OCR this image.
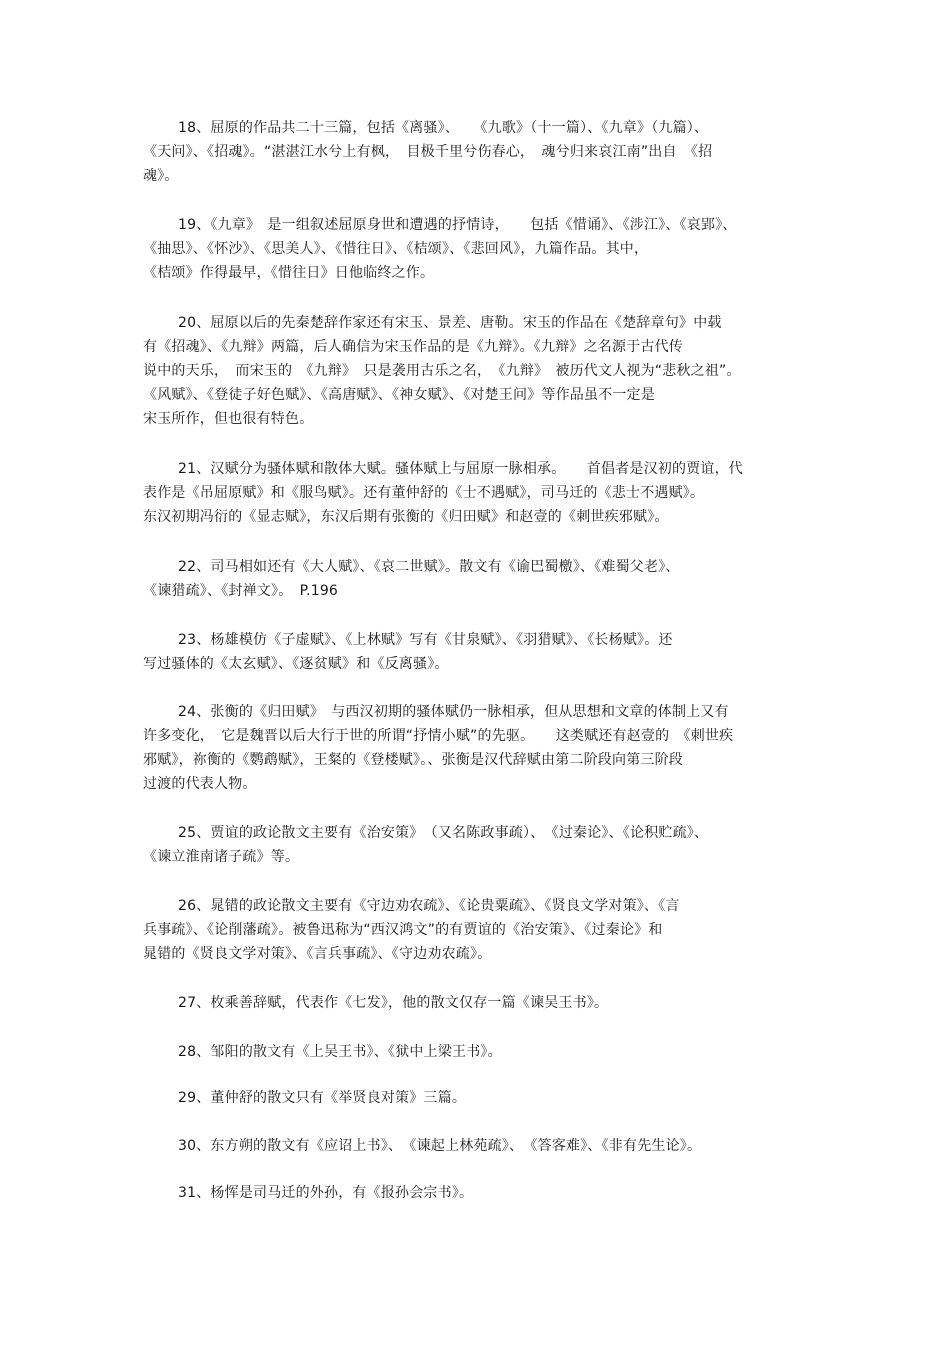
18、屈原的作品共二十三篇，包括《离骚》、　　《九歌》（十一篇）、《九章》（九篇）、
《天问》、《招魂》。“湛湛江水兮上有枫，　目极千里兮伤春心，　魂兮归来哀江南”出自　《招
魂》。
19、《九章》　是一组叙述屈原身世和遭遇的抒情诗，　　包括《惜诵》、《涉江》、《哀郢》、
《抽思》、《怀沙》、《思美人》、《惜往日》、《桔颂》、《悲回风》，九篇作品。其中，
《桔颂》作得最早，《惜往日》日他临终之作。
20、屈原以后的先秦楚辞作家还有宋玉、景差、唐勒。宋玉的作品在《楚辞章句》中载
有《招魂》、《九辩》两篇，后人确信为宋玉作品的是《九辩》。《九辩》之名源于古代传
说中的天乐，　而宋玉的　《九辩》　只是袭用古乐之名，　《九辩》　被历代文人视为“悲秋之祖”。
《风赋》、《登徒子好色赋》、《高唐赋》、《神女赋》、《对楚王问》等作品虽不一定是
宋玉所作，但也很有特色。
21、汉赋分为骚体赋和散体大赋。骚体赋上与屈原一脉相承。　　首倡者是汉初的贾谊，代
表作是《吊屈原赋》和《服鸟赋》。还有董仲舒的《士不遇赋》，司马迁的《悲士不遇赋》。
东汉初期冯衍的《显志赋》，东汉后期有张衡的《归田赋》和赵壹的《刺世疾邪赋》。
22、司马相如还有《大人赋》、《哀二世赋》。散文有《谕巴蜀檄》、《难蜀父老》、
《谏猎疏》、《封禅文》。　P.196
23、杨雄模仿《子虚赋》、《上林赋》写有《甘泉赋》、《羽猎赋》、《长杨赋》。还
写过骚体的《太玄赋》、《逐贫赋》和《反离骚》。
24、张衡的《归田赋》　与西汉初期的骚体赋仍一脉相承，但从思想和文章的体制上又有
许多变化，　它是魏晋以后大行于世的所谓“抒情小赋”的先驱。　　这类赋还有赵壹的　《刺世疾
邪赋》，祢衡的《鹦鹉赋》，王粲的《登楼赋》。、张衡是汉代辞赋由第二阶段向第三阶段
过渡的代表人物。
25、贾谊的政论散文主要有《治安策》　（又名陈政事疏）、　《过秦论》、《论积贮疏》、
《谏立淮南诸子疏》等。
26、晁错的政论散文主要有《守边劝农疏》、《论贵粟疏》、《贤良文学对策》、《言
兵事疏》、《论削藩疏》。被鲁迅称为“西汉鸿文”的有贾谊的《治安策》、《过秦论》和
晁错的《贤良文学对策》、《言兵事疏》、《守边劝农疏》。
27、枚乘善辞赋，代表作《七发》，他的散文仅存一篇《谏吴王书》。
28、邹阳的散文有《上吴王书》、《狱中上梁王书》。
29、董仲舒的散文只有《举贤良对策》三篇。
30、东方朔的散文有《应诏上书》、　《谏起上林苑疏》、　《答客难》、《非有先生论》。
31、杨恽是司马迁的外孙，有《报孙会宗书》。
